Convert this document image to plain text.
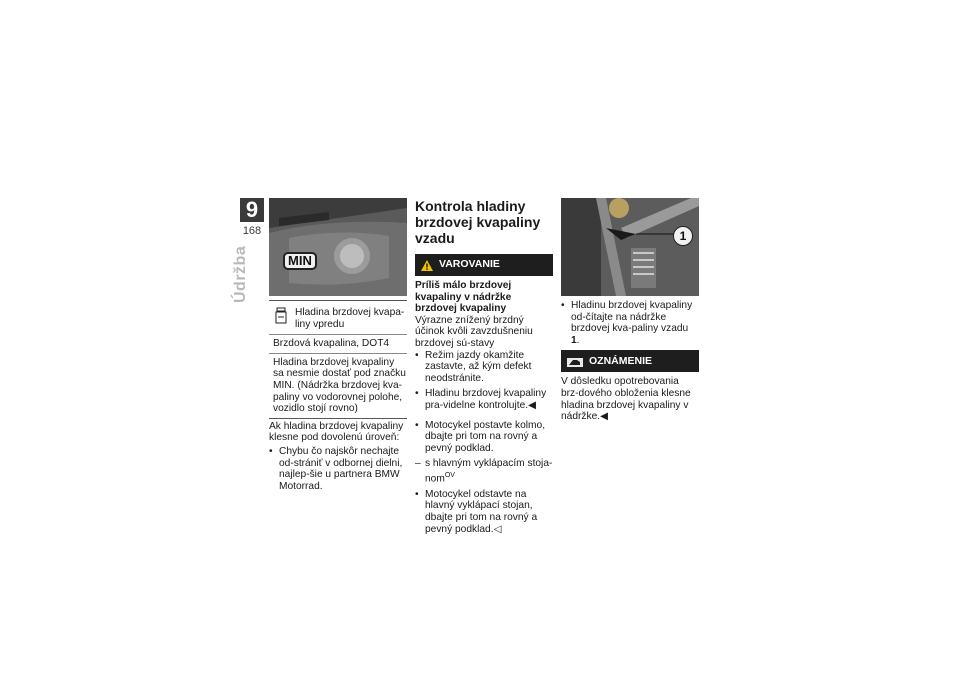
9
168
Údržba	MIN
Hladina brzdovej kvapa-liny vpredu
Brzdová kvapalina, DOT4
Hladina brzdovej kvapaliny sa nesmie dostať pod značku MIN. (Nádržka brzdovej kva-paliny vo vodorovnej polohe, vozidlo stojí rovno)

Ak hladina brzdovej kvapaliny klesne pod dovolenú úroveň:

• Chybu čo najskôr nechajte od-strániť v odbornej dielni, najlep-šie u partnera BMW Motorrad.
Kontrola hladiny brzdovej kvapaliny vzadu
VAROVANIE

Príliš málo brzdovej kvapaliny v nádržke brzdovej kvapaliny

Výrazne znížený brzdný účinok kvôli zavzdušneniu brzdovej sú-stavy

• Režim jazdy okamžite zastavte, až kým defekt neodstránite.
• Hladinu brzdovej kvapaliny pra-videlne kontrolujte.◀
• Motocykel postavte kolmo, dbajte pri tom na rovný a pevný podklad.
– s hlavným vyklápacím stoja-nom$^{OV}$
• Motocykel odstavte na hlavný vyklápací stojan, dbajte pri tom na rovný a pevný podklad.◁
1
• Hladinu brzdovej kvapaliny od-čítajte na nádržke brzdovej kva-paliny vzadu 1.
OZNÁMENIE

V dôsledku opotrebovania brz-dového obloženia klesne hladina brzdovej kvapaliny v nádržke.◀
